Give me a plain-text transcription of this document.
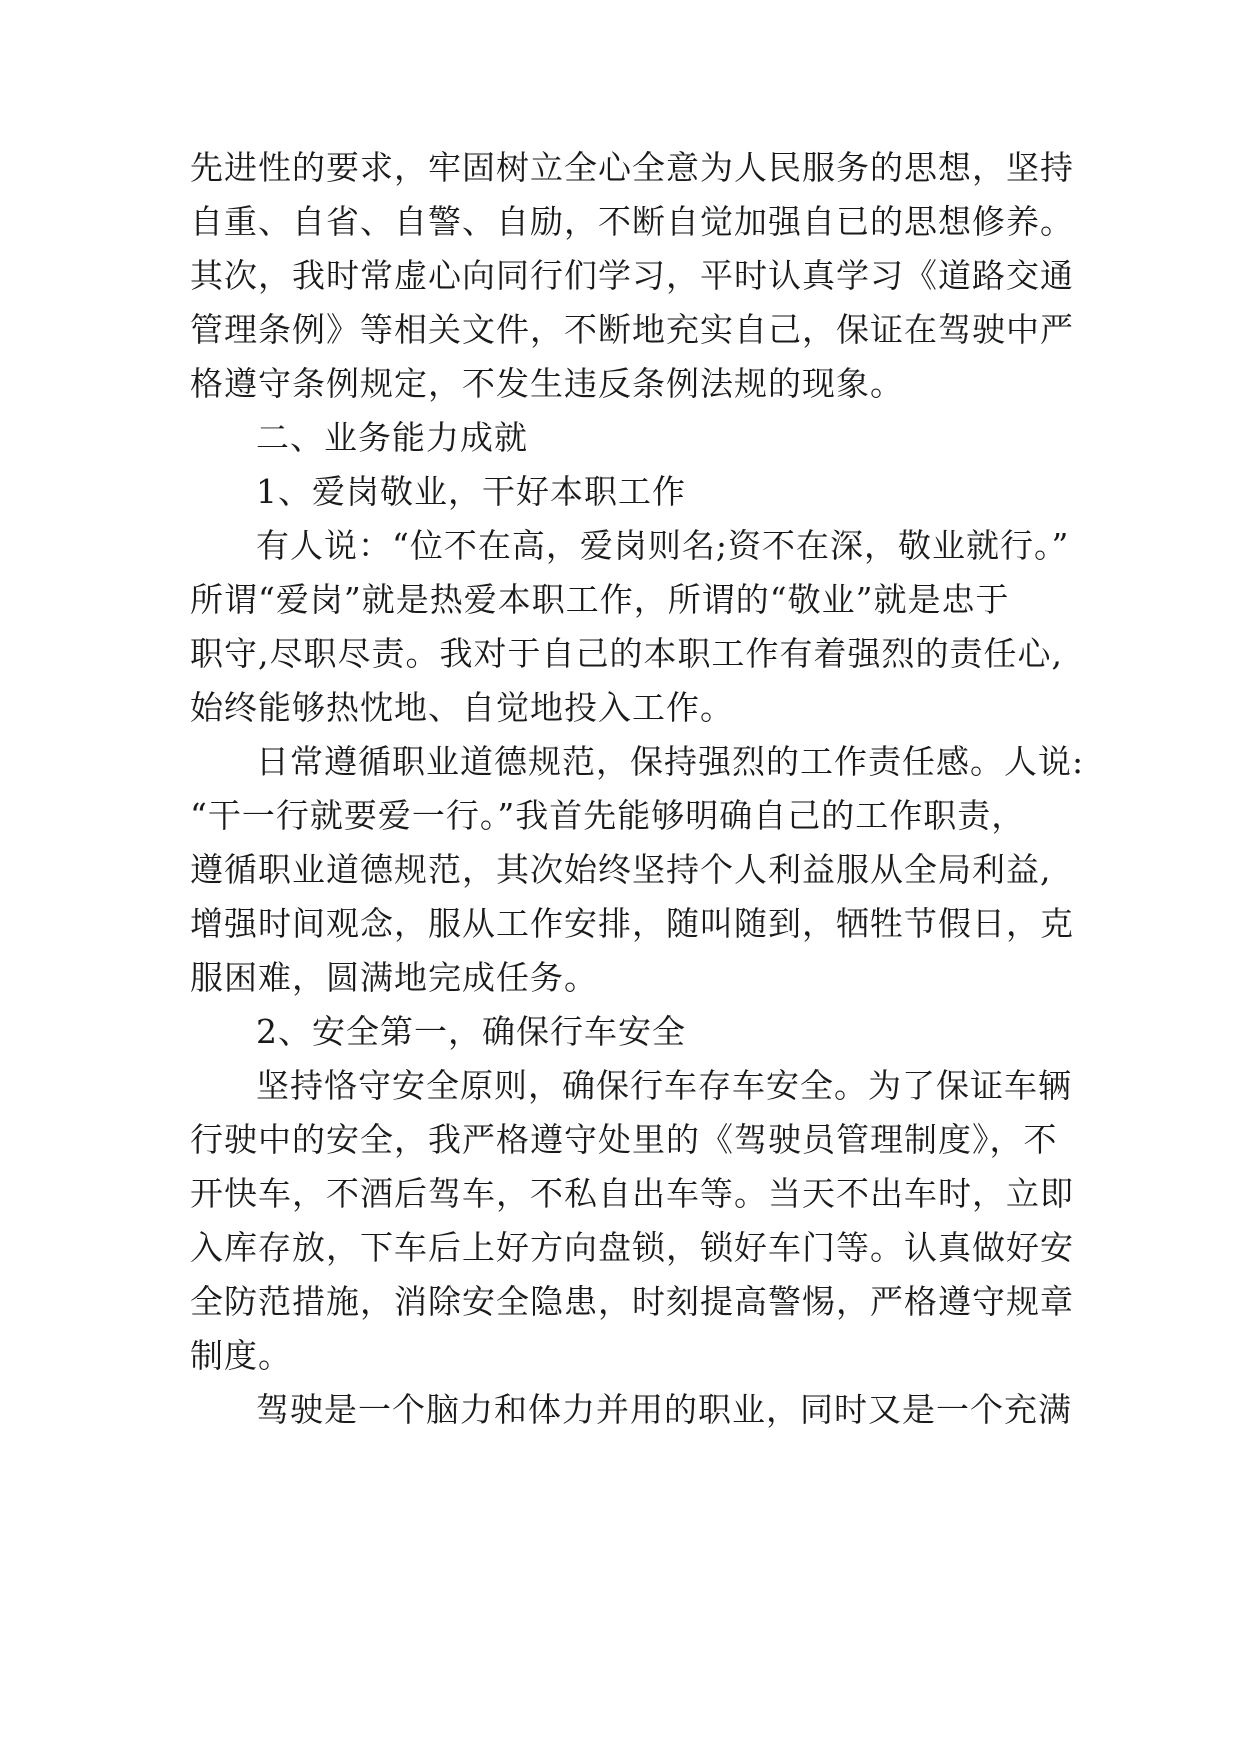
先进性的要求，牢固树立全心全意为人民服务的思想，坚持
自重、自省、自警、自励，不断自觉加强自已的思想修养。
其次，我时常虚心向同行们学习，平时认真学习《道路交通
管理条例》等相关文件，不断地充实自己，保证在驾驶中严
格遵守条例规定，不发生违反条例法规的现象。
二、业务能力成就
1、爱岗敬业，干好本职工作
有人说：“位不在高，爱岗则名;资不在深，敬业就行。”
所谓“爱岗”就是热爱本职工作，所谓的“敬业”就是忠于
职守,尽职尽责。我对于自己的本职工作有着强烈的责任心,
始终能够热忱地、自觉地投入工作。
日常遵循职业道德规范，保持强烈的工作责任感。人说:
“干一行就要爱一行。”我首先能够明确自己的工作职责，
遵循职业道德规范，其次始终坚持个人利益服从全局利益,
增强时间观念，服从工作安排，随叫随到，牺牲节假日，克
服困难，圆满地完成任务。
2、安全第一，确保行车安全
坚持恪守安全原则，确保行车存车安全。为了保证车辆
行驶中的安全，我严格遵守处里的《驾驶员管理制度》，不
开快车，不酒后驾车，不私自出车等。当天不出车时，立即
入库存放，下车后上好方向盘锁，锁好车门等。认真做好安
全防范措施，消除安全隐患，时刻提高警惕，严格遵守规章
制度。
驾驶是一个脑力和体力并用的职业，同时又是一个充满
